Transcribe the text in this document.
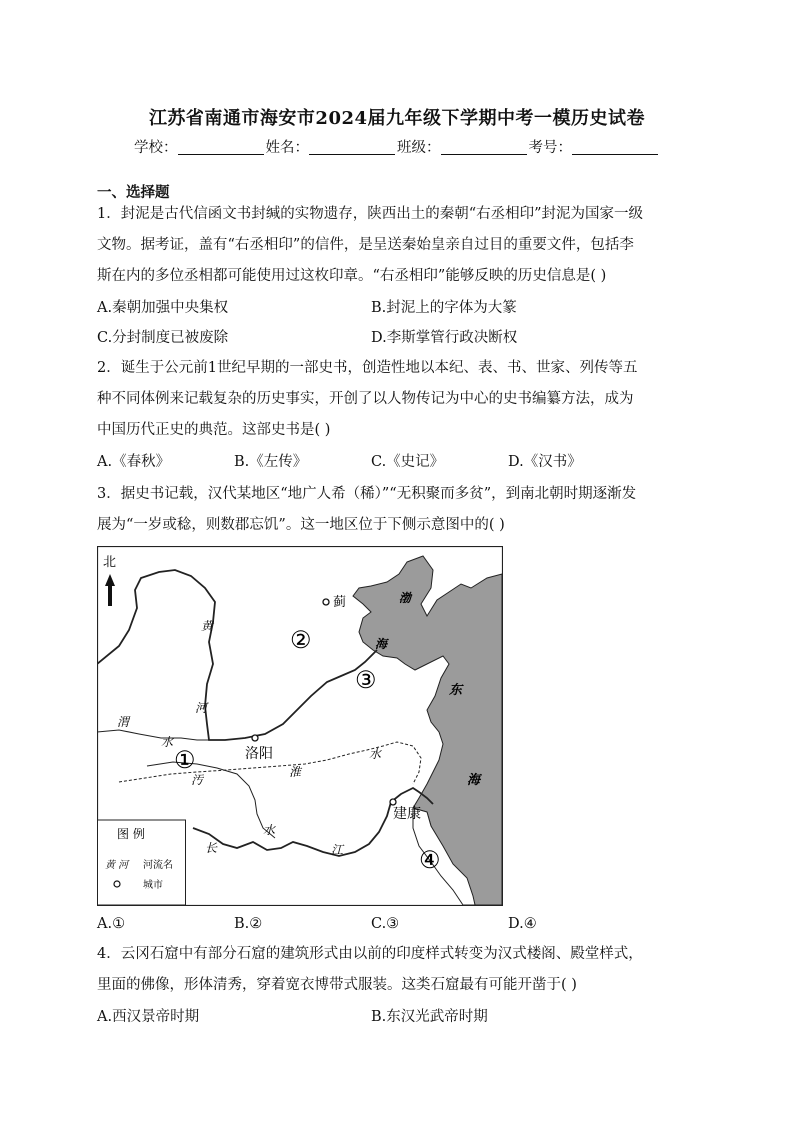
江苏省南通市海安市2024届九年级下学期中考一模历史试卷
学校：	姓名：	班级：	考号：
一、选择题
1．封泥是古代信函文书封缄的实物遗存，陕西出土的秦朝“右丞相印”封泥为国家一级
文物。据考证，盖有“右丞相印”的信件，是呈送秦始皇亲自过目的重要文件，包括李
斯在内的多位丞相都可能使用过这枚印章。“右丞相印”能够反映的历史信息是( )
A.秦朝加强中央集权	B.封泥上的字体为大篆
C.分封制度已被废除	D.李斯掌管行政决断权
2．诞生于公元前1世纪早期的一部史书，创造性地以本纪、表、书、世家、列传等五
种不同体例来记载复杂的历史事实，开创了以人物传记为中心的史书编纂方法，成为
中国历代正史的典范。这部史书是( )
A.《春秋》	B.《左传》	C.《史记》	D.《汉书》
3．据史书记载，汉代某地区“地广人希（稀）”“无积聚而多贫”，到南北朝时期逐渐发
展为“一岁或稔，则数郡忘饥”。这一地区位于下侧示意图中的( )
北
蓟
洛阳
建康
②
③
①
④
黄
河
渭
水
淮
水
汚
水
长	江
渤
海
东
海
图 例
黄 河 河流名
城市
A.①	B.②	C.③	D.④
4．云冈石窟中有部分石窟的建筑形式由以前的印度样式转变为汉式楼阁、殿堂样式，
里面的佛像，形体清秀，穿着宽衣博带式服装。这类石窟最有可能开凿于( )
A.西汉景帝时期	B.东汉光武帝时期
